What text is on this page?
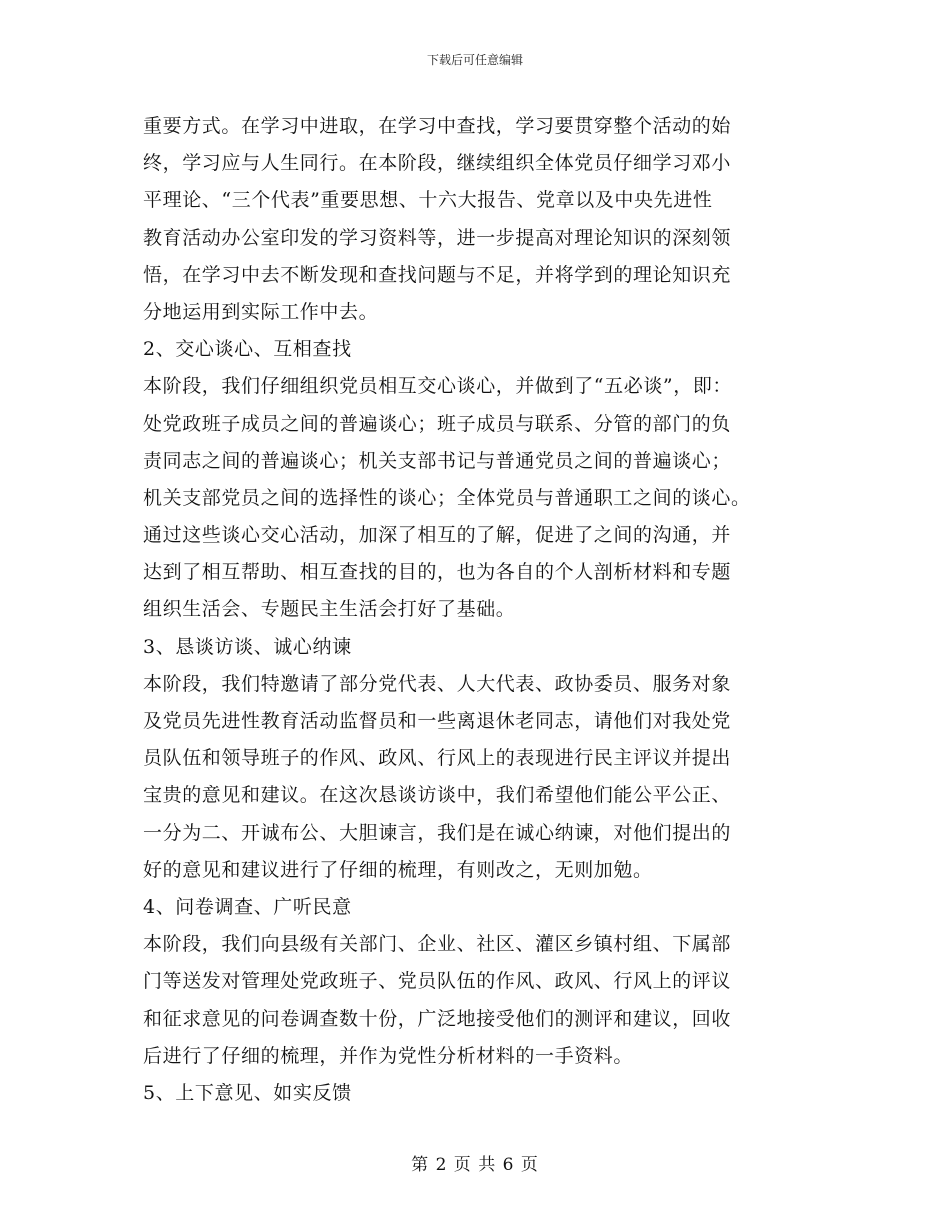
下载后可任意编辑
重要方式。在学习中进取，在学习中查找，学习要贯穿整个活动的始
终，学习应与人生同行。在本阶段，继续组织全体党员仔细学习邓小
平理论、“三个代表”重要思想、十六大报告、党章以及中央先进性
教育活动办公室印发的学习资料等，进一步提高对理论知识的深刻领
悟，在学习中去不断发现和查找问题与不足，并将学到的理论知识充
分地运用到实际工作中去。
2、交心谈心、互相查找
本阶段，我们仔细组织党员相互交心谈心，并做到了“五必谈”，即：
处党政班子成员之间的普遍谈心；班子成员与联系、分管的部门的负
责同志之间的普遍谈心；机关支部书记与普通党员之间的普遍谈心；
机关支部党员之间的选择性的谈心；全体党员与普通职工之间的谈心。
通过这些谈心交心活动，加深了相互的了解，促进了之间的沟通，并
达到了相互帮助、相互查找的目的，也为各自的个人剖析材料和专题
组织生活会、专题民主生活会打好了基础。
3、恳谈访谈、诚心纳谏
本阶段，我们特邀请了部分党代表、人大代表、政协委员、服务对象
及党员先进性教育活动监督员和一些离退休老同志，请他们对我处党
员队伍和领导班子的作风、政风、行风上的表现进行民主评议并提出
宝贵的意见和建议。在这次恳谈访谈中，我们希望他们能公平公正、
一分为二、开诚布公、大胆谏言，我们是在诚心纳谏，对他们提出的
好的意见和建议进行了仔细的梳理，有则改之，无则加勉。
4、问卷调查、广听民意
本阶段，我们向县级有关部门、企业、社区、灌区乡镇村组、下属部
门等送发对管理处党政班子、党员队伍的作风、政风、行风上的评议
和征求意见的问卷调查数十份，广泛地接受他们的测评和建议，回收
后进行了仔细的梳理，并作为党性分析材料的一手资料。
5、上下意见、如实反馈
第 2 页 共 6 页
